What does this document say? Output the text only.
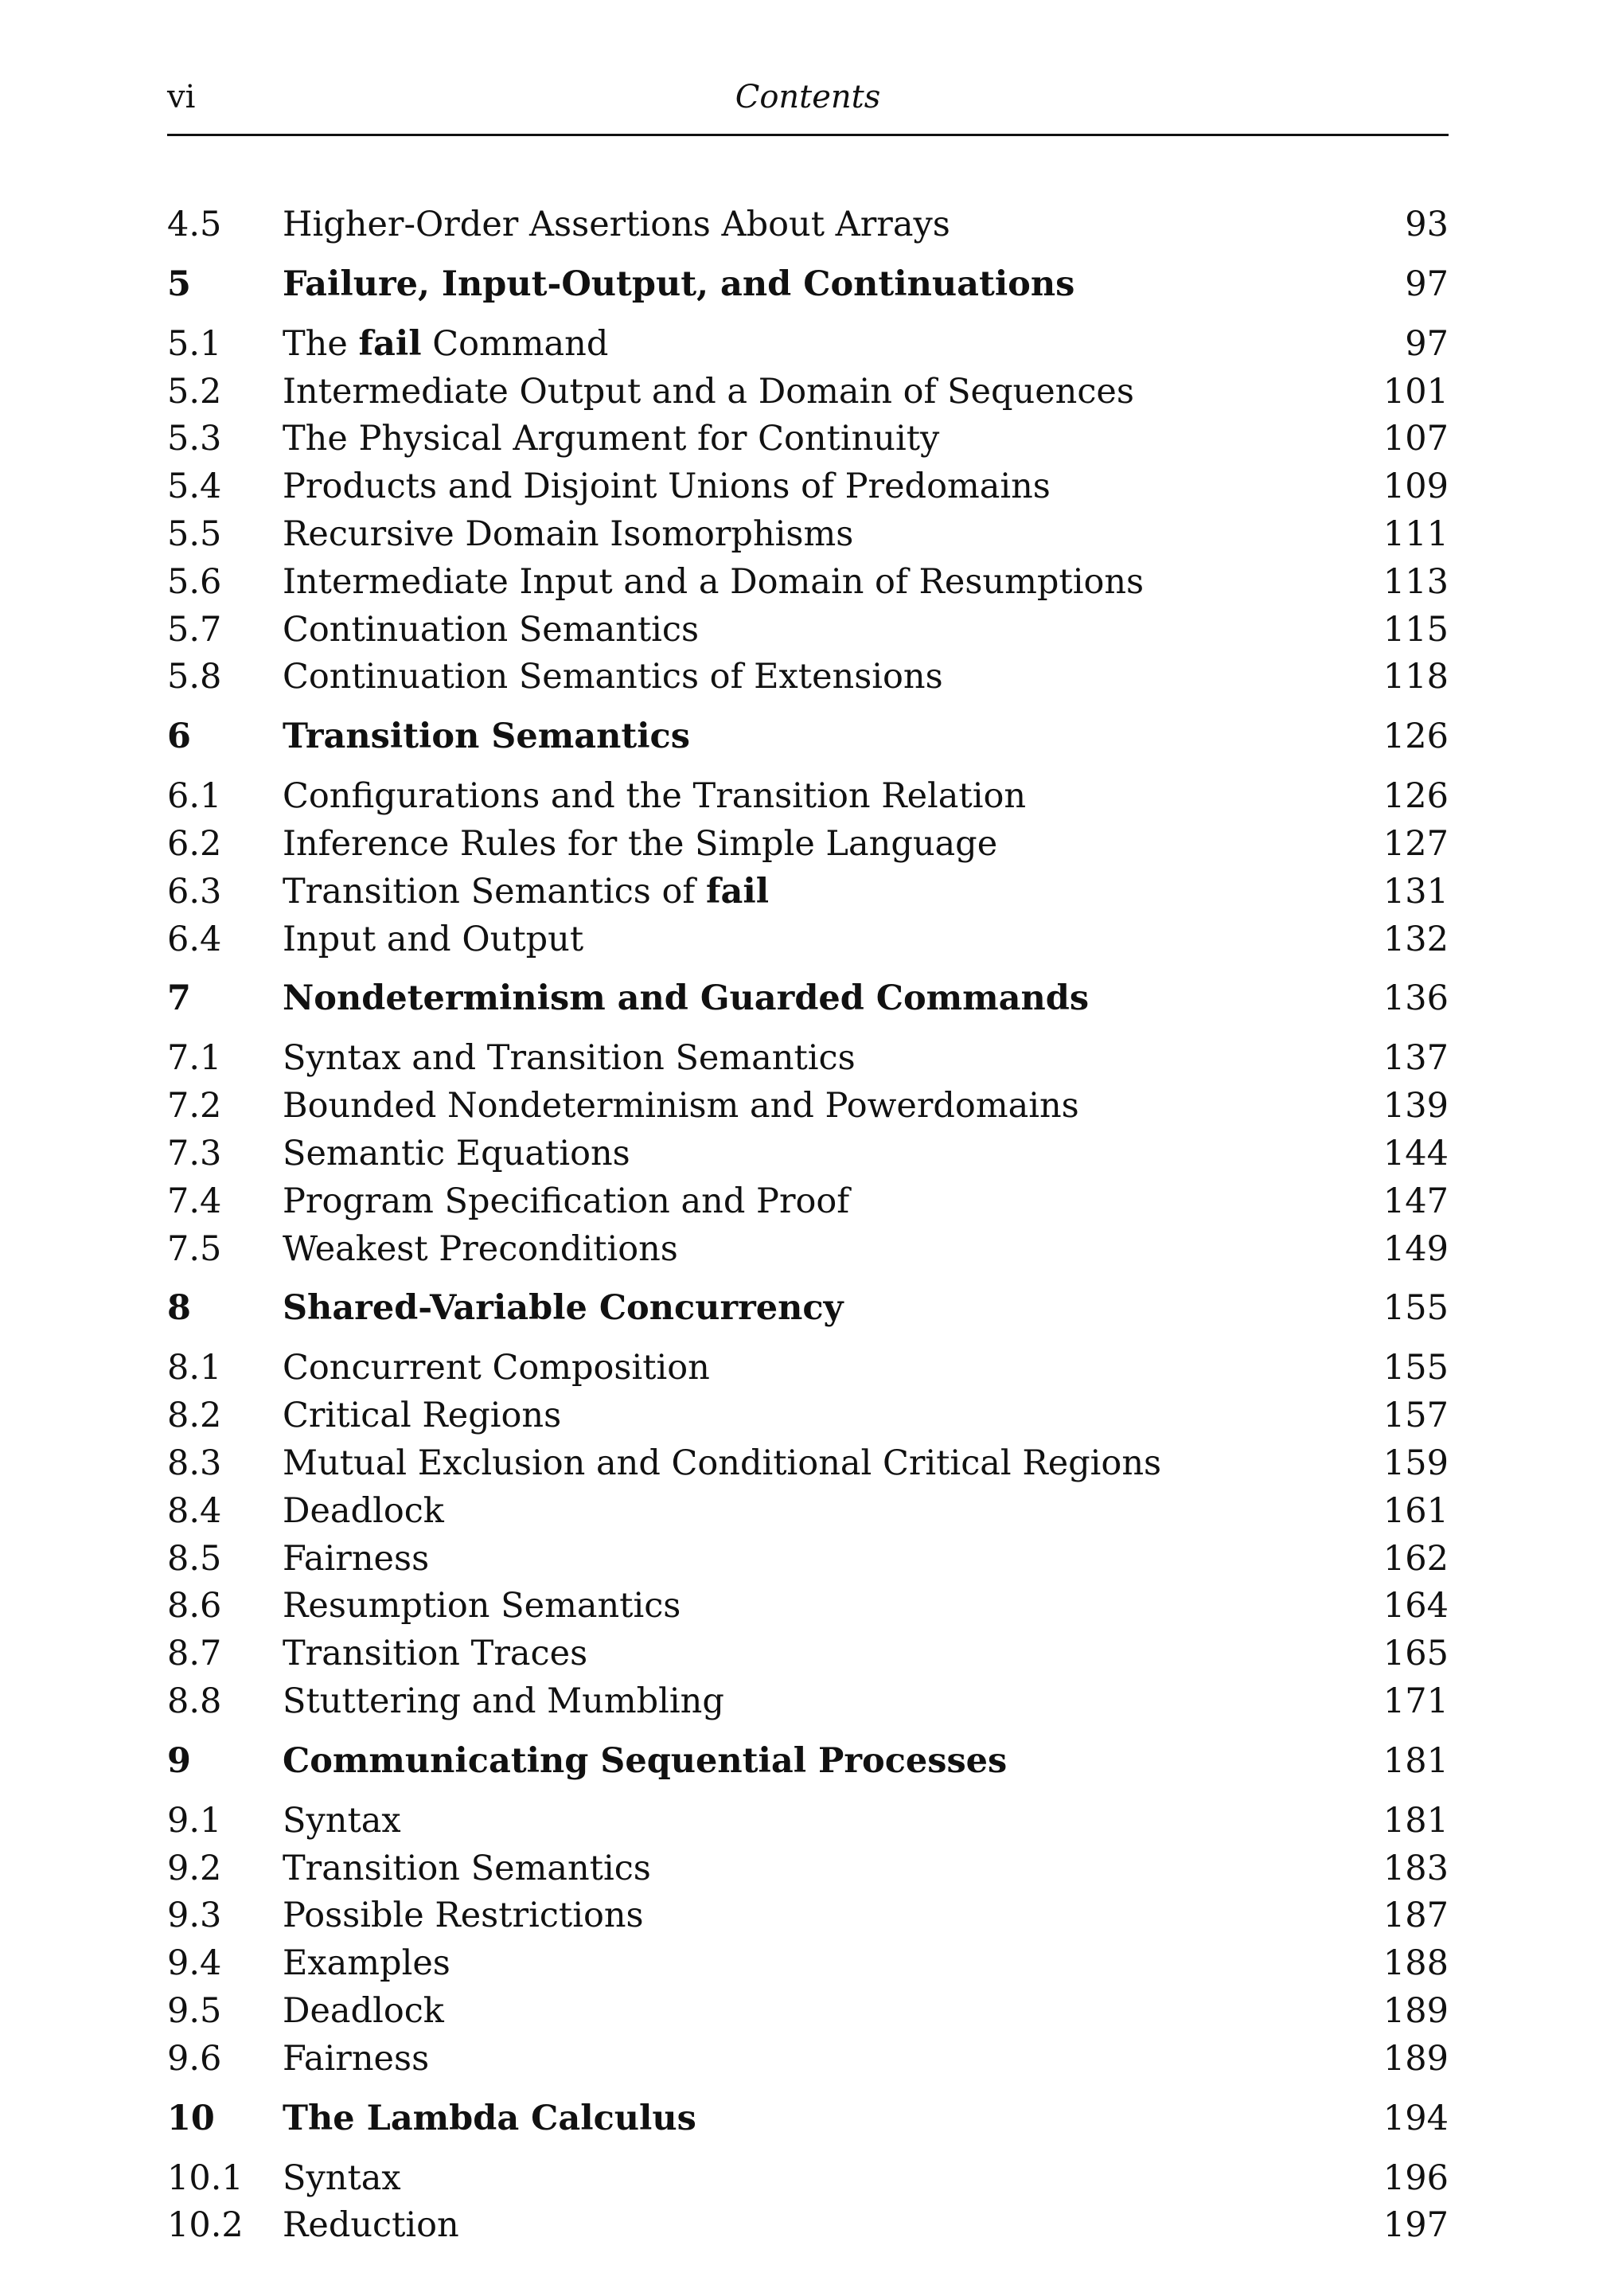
vi	Contents
4.5	Higher-Order Assertions About Arrays	93
5	Failure, Input-Output, and Continuations	97
5.1	The fail Command	97
5.2	Intermediate Output and a Domain of Sequences	101
5.3	The Physical Argument for Continuity	107
5.4	Products and Disjoint Unions of Predomains	109
5.5	Recursive Domain Isomorphisms	111
5.6	Intermediate Input and a Domain of Resumptions	113
5.7	Continuation Semantics	115
5.8	Continuation Semantics of Extensions	118
6	Transition Semantics	126
6.1	Configurations and the Transition Relation	126
6.2	Inference Rules for the Simple Language	127
6.3	Transition Semantics of fail	131
6.4	Input and Output	132
7	Nondeterminism and Guarded Commands	136
7.1	Syntax and Transition Semantics	137
7.2	Bounded Nondeterminism and Powerdomains	139
7.3	Semantic Equations	144
7.4	Program Specification and Proof	147
7.5	Weakest Preconditions	149
8	Shared-Variable Concurrency	155
8.1	Concurrent Composition	155
8.2	Critical Regions	157
8.3	Mutual Exclusion and Conditional Critical Regions	159
8.4	Deadlock	161
8.5	Fairness	162
8.6	Resumption Semantics	164
8.7	Transition Traces	165
8.8	Stuttering and Mumbling	171
9	Communicating Sequential Processes	181
9.1	Syntax	181
9.2	Transition Semantics	183
9.3	Possible Restrictions	187
9.4	Examples	188
9.5	Deadlock	189
9.6	Fairness	189
10	The Lambda Calculus	194
10.1	Syntax	196
10.2	Reduction	197
